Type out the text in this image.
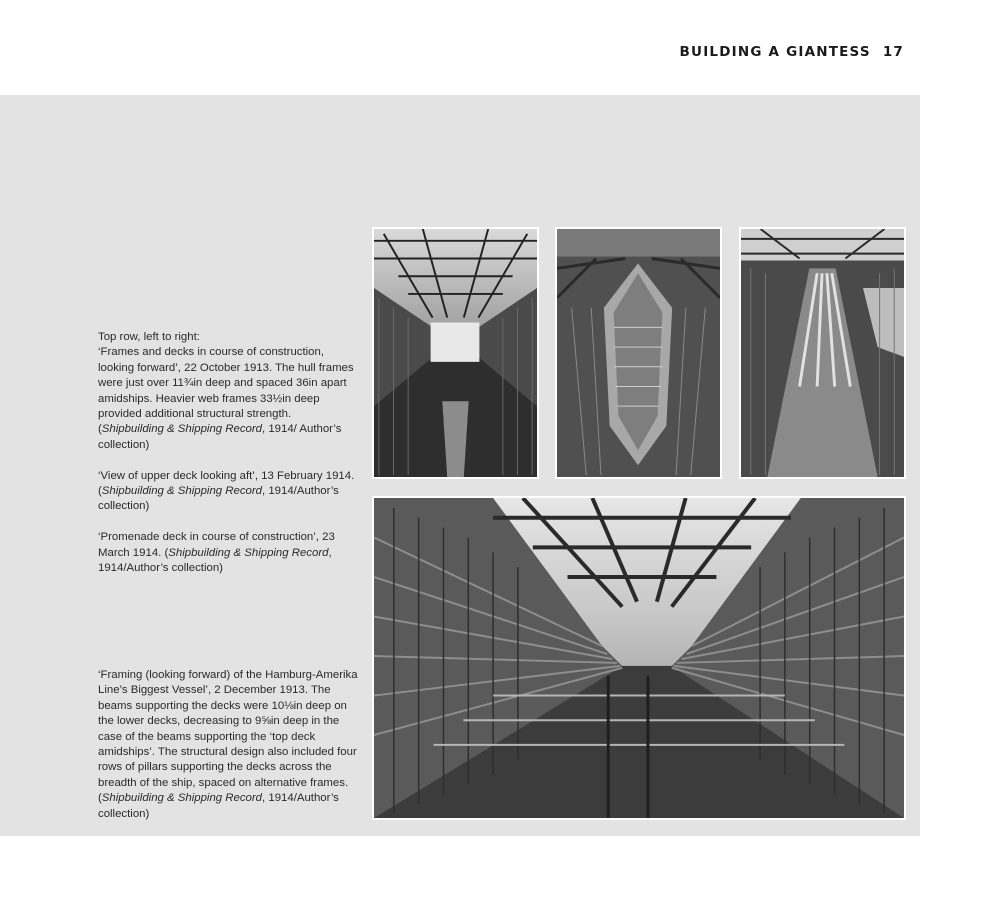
BUILDING A GIANTESS 17

Top row, left to right:

‘Frames and decks in course of construction, looking forward’, 22 October 1913. The hull frames were just over 11¾in deep and spaced 36in apart amidships. Heavier web frames 33½in deep provided additional structural strength. (Shipbuilding & Shipping Record, 1914/ Author’s collection)

‘View of upper deck looking aft’, 13 February 1914. (Shipbuilding & Shipping Record, 1914/Author’s collection)

‘Promenade deck in course of construction’, 23 March 1914. (Shipbuilding & Shipping Record, 1914/Author’s collection)

‘Framing (looking forward) of the Hamburg-Amerika Line’s Biggest Vessel’, 2 December 1913. The beams supporting the decks were 10⅛in deep on the lower decks, decreasing to 9⅝in deep in the case of the beams supporting the ‘top deck amidships’. The structural design also included four rows of pillars supporting the decks across the breadth of the ship, spaced on alternative frames. (Shipbuilding & Shipping Record, 1914/Author’s collection)
